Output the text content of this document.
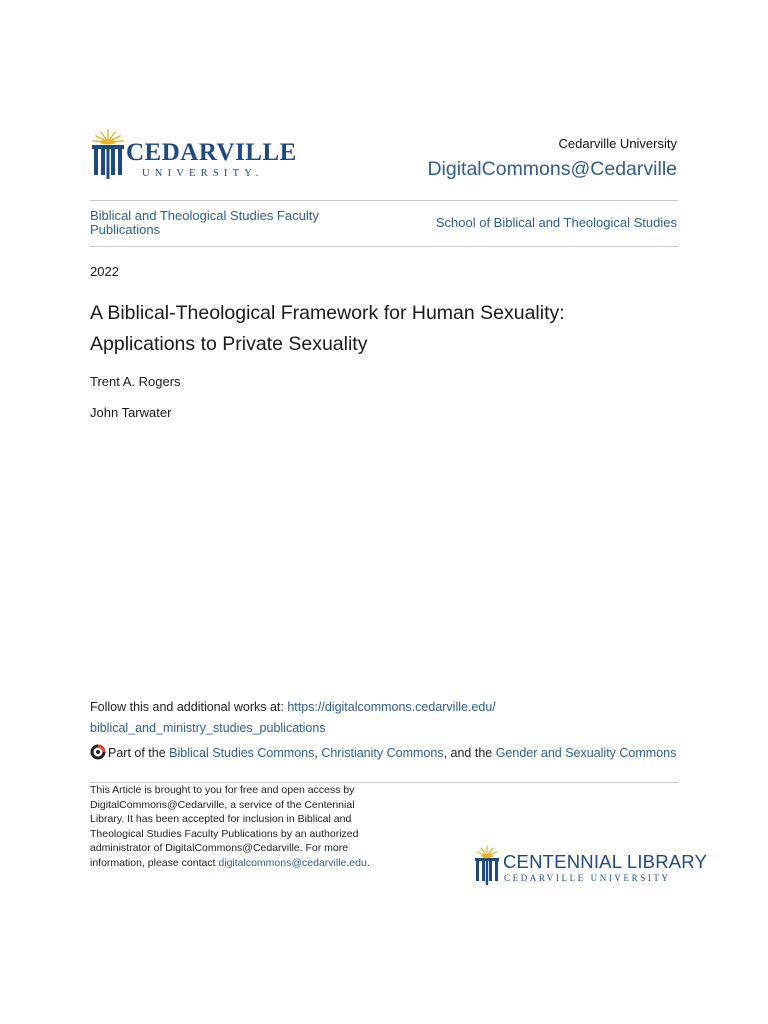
CEDARVILLE
UNIVERSITY.
Cedarville University
DigitalCommons@Cedarville
Biblical and Theological Studies Faculty Publications	School of Biblical and Theological Studies
2022
A Biblical-Theological Framework for Human Sexuality: Applications to Private Sexuality
Trent A. Rogers
John Tarwater
Follow this and additional works at: https://digitalcommons.cedarville.edu/
biblical_and_ministry_studies_publications
Part of the Biblical Studies Commons, Christianity Commons, and the Gender and Sexuality Commons
This Article is brought to you for free and open access by DigitalCommons@Cedarville, a service of the Centennial Library. It has been accepted for inclusion in Biblical and Theological Studies Faculty Publications by an authorized administrator of DigitalCommons@Cedarville. For more information, please contact digitalcommons@cedarville.edu.	CENTENNIAL LIBRARY
CEDARVILLE UNIVERSITY
